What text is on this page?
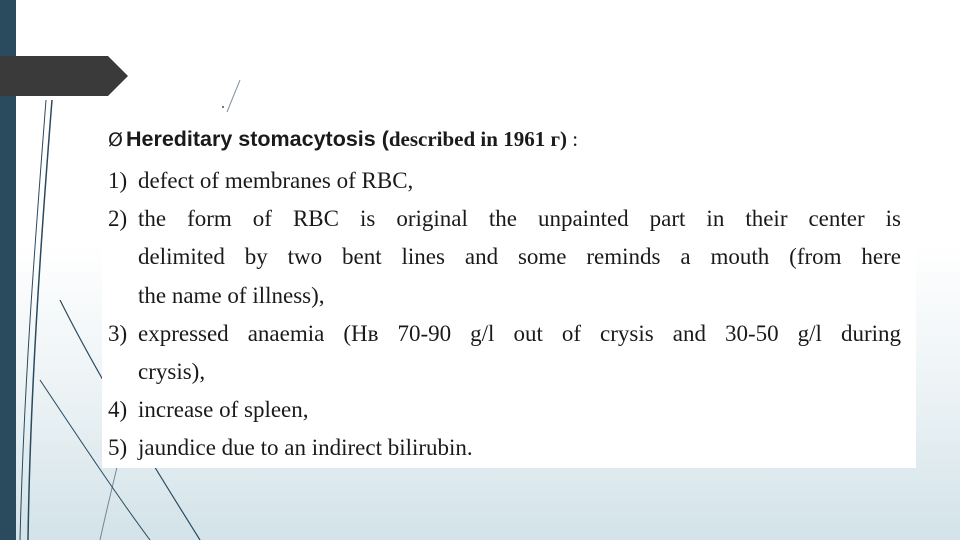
Ø Hereditary stomacytosis (described in 1961 г) :
1) defect of membranes of RBC,
2) the form of RBC is original the unpainted part in their center is
delimited by two bent lines and some reminds a mouth (from here
the name of illness),
3) expressed anaemia (Нв 70-90 g/l out of crysis and 30-50 g/l during
crysis),
4) increase of spleen,
5) jaundice due to an indirect bilirubin.
